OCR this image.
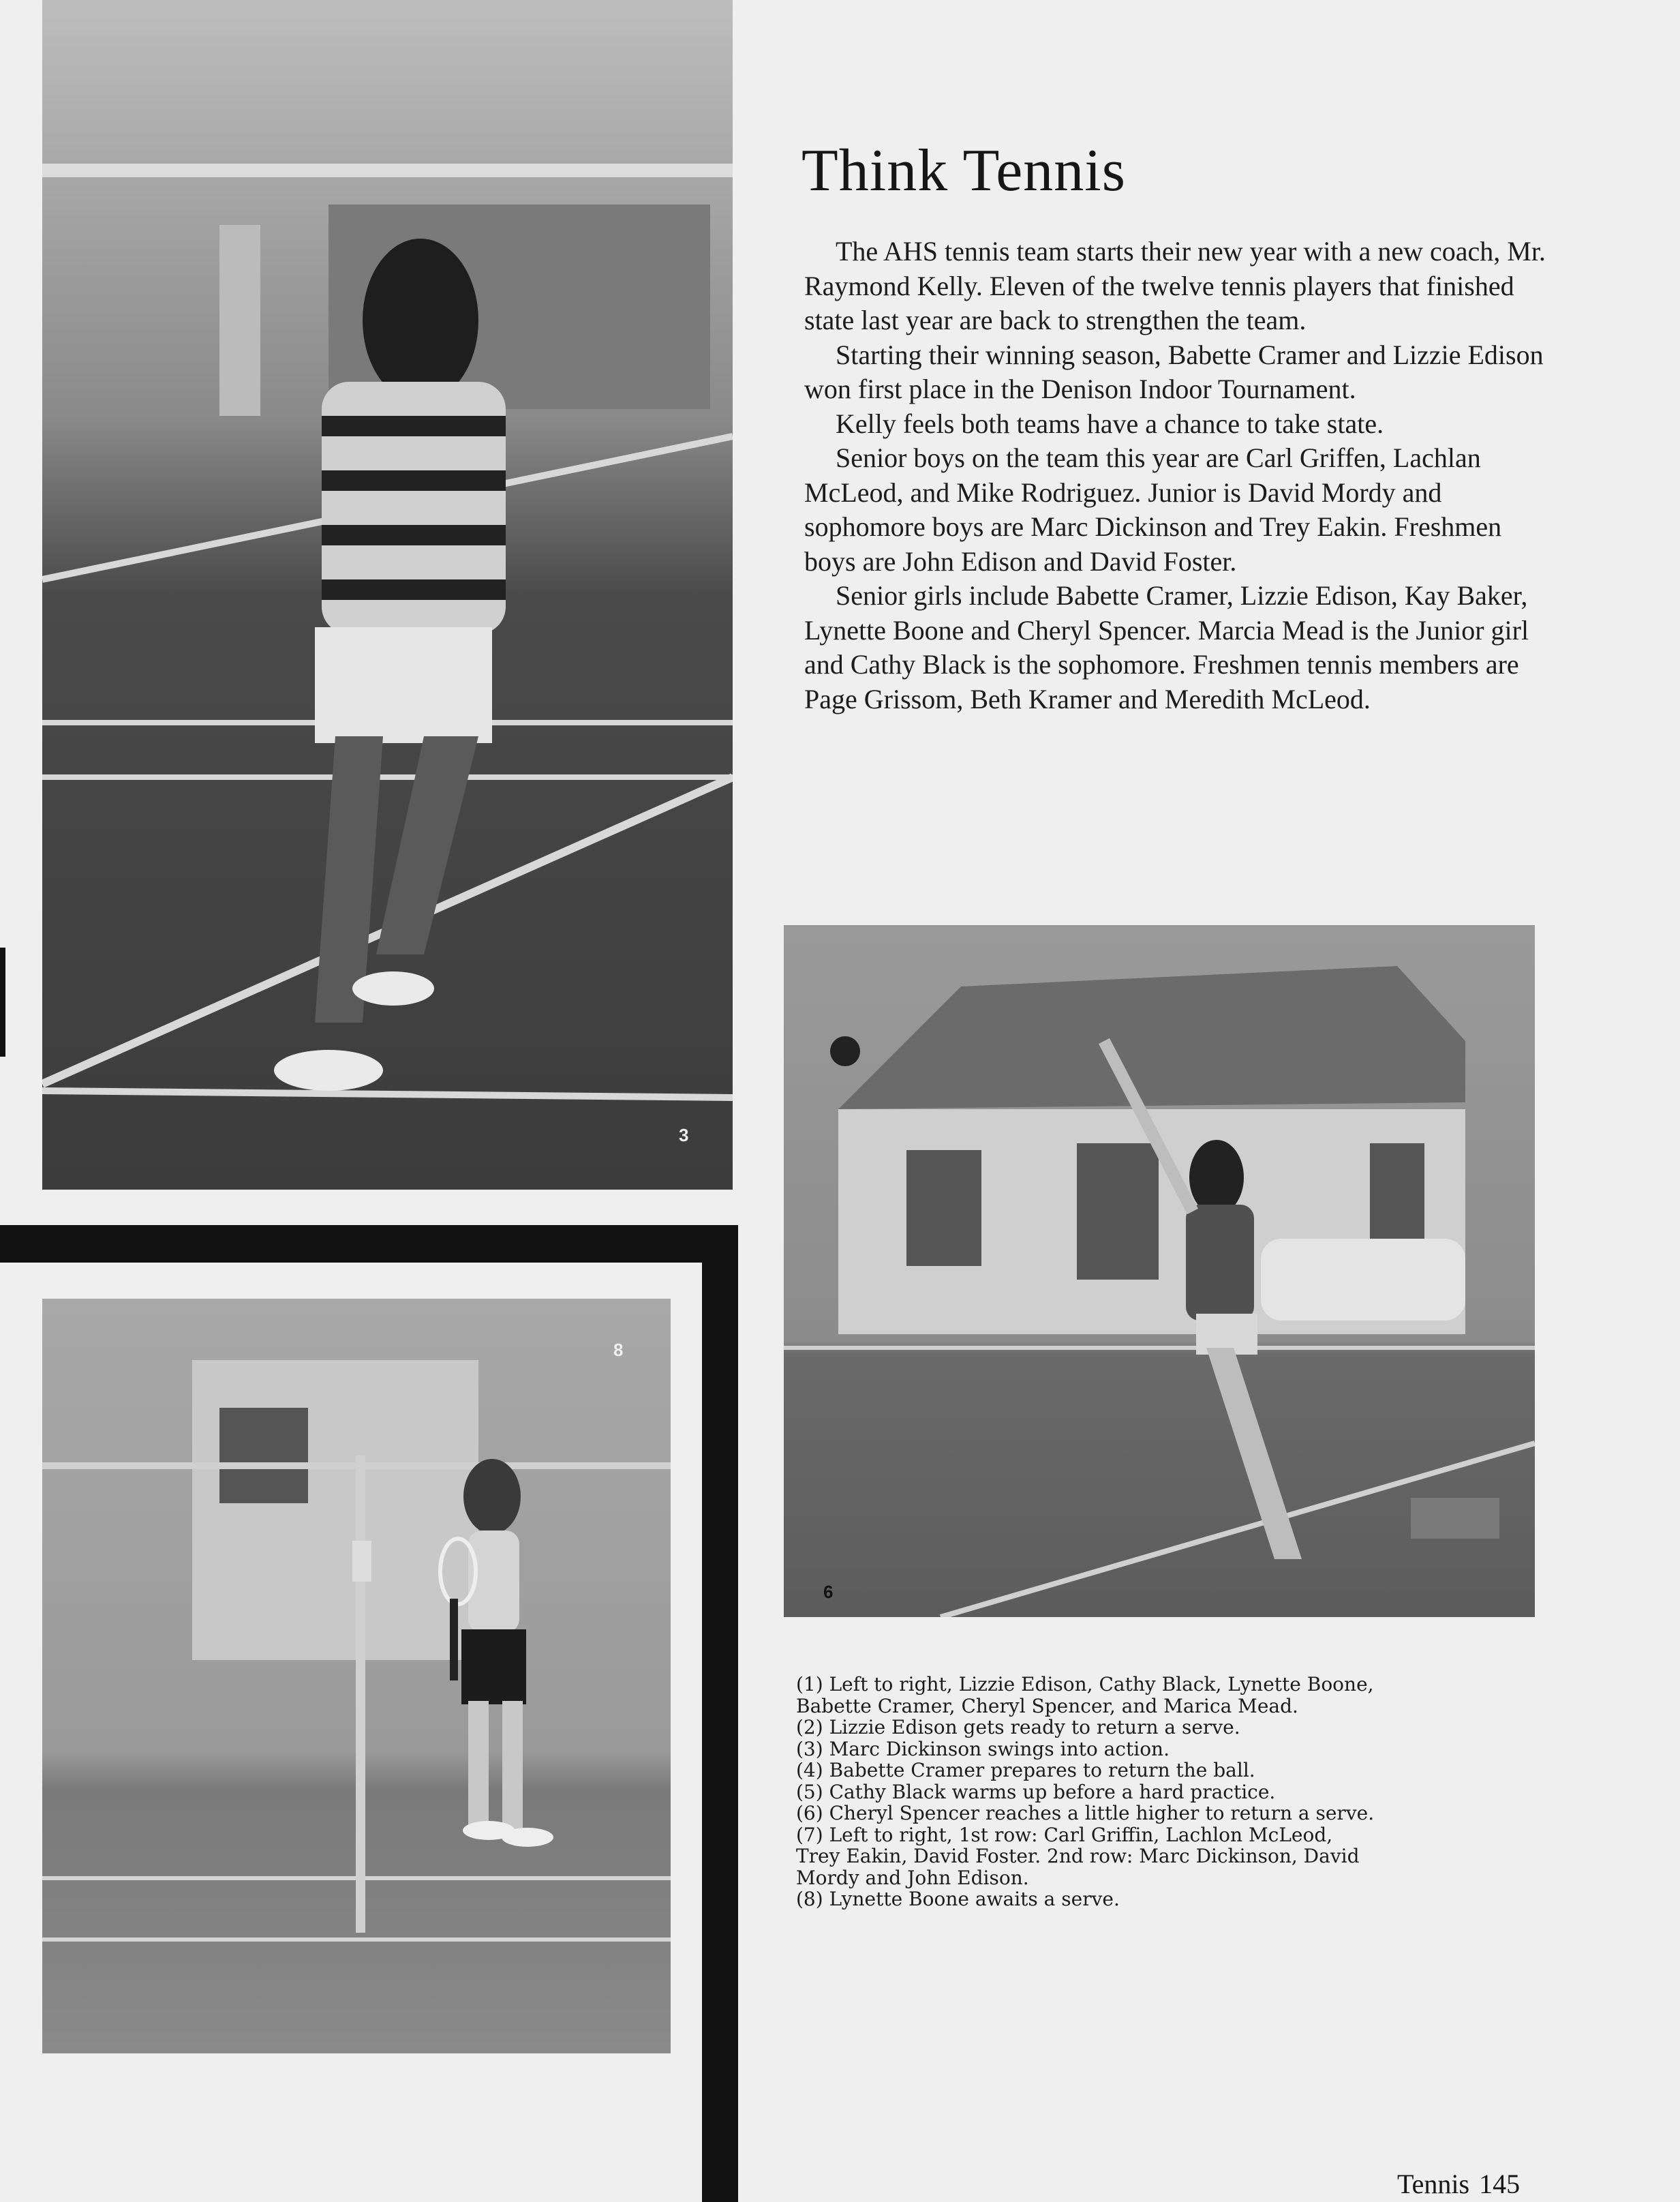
3
Think Tennis

The AHS tennis team starts their new year with a new coach, Mr. Raymond Kelly. Eleven of the twelve tennis players that finished state last year are back to strengthen the team.

Starting their winning season, Babette Cramer and Lizzie Edison won first place in the Denison Indoor Tournament.

Kelly feels both teams have a chance to take state.

Senior boys on the team this year are Carl Griffen, Lachlan McLeod, and Mike Rodriguez. Junior is David Mordy and sophomore boys are Marc Dickinson and Trey Eakin. Freshmen boys are John Edison and David Foster.

Senior girls include Babette Cramer, Lizzie Edison, Kay Baker, Lynette Boone and Cheryl Spencer. Marcia Mead is the Junior girl and Cathy Black is the sophomore. Freshmen tennis members are Page Grissom, Beth Kramer and Meredith McLeod.

6
8
(1) Left to right, Lizzie Edison, Cathy Black, Lynette Boone, Babette Cramer, Cheryl Spencer, and Marica Mead.
(2) Lizzie Edison gets ready to return a serve.
(3) Marc Dickinson swings into action.
(4) Babette Cramer prepares to return the ball.
(5) Cathy Black warms up before a hard practice.
(6) Cheryl Spencer reaches a little higher to return a serve.
(7) Left to right, 1st row: Carl Griffin, Lachlon McLeod, Trey Eakin, David Foster. 2nd row: Marc Dickinson, David Mordy and John Edison.
(8) Lynette Boone awaits a serve.
Tennis 145
